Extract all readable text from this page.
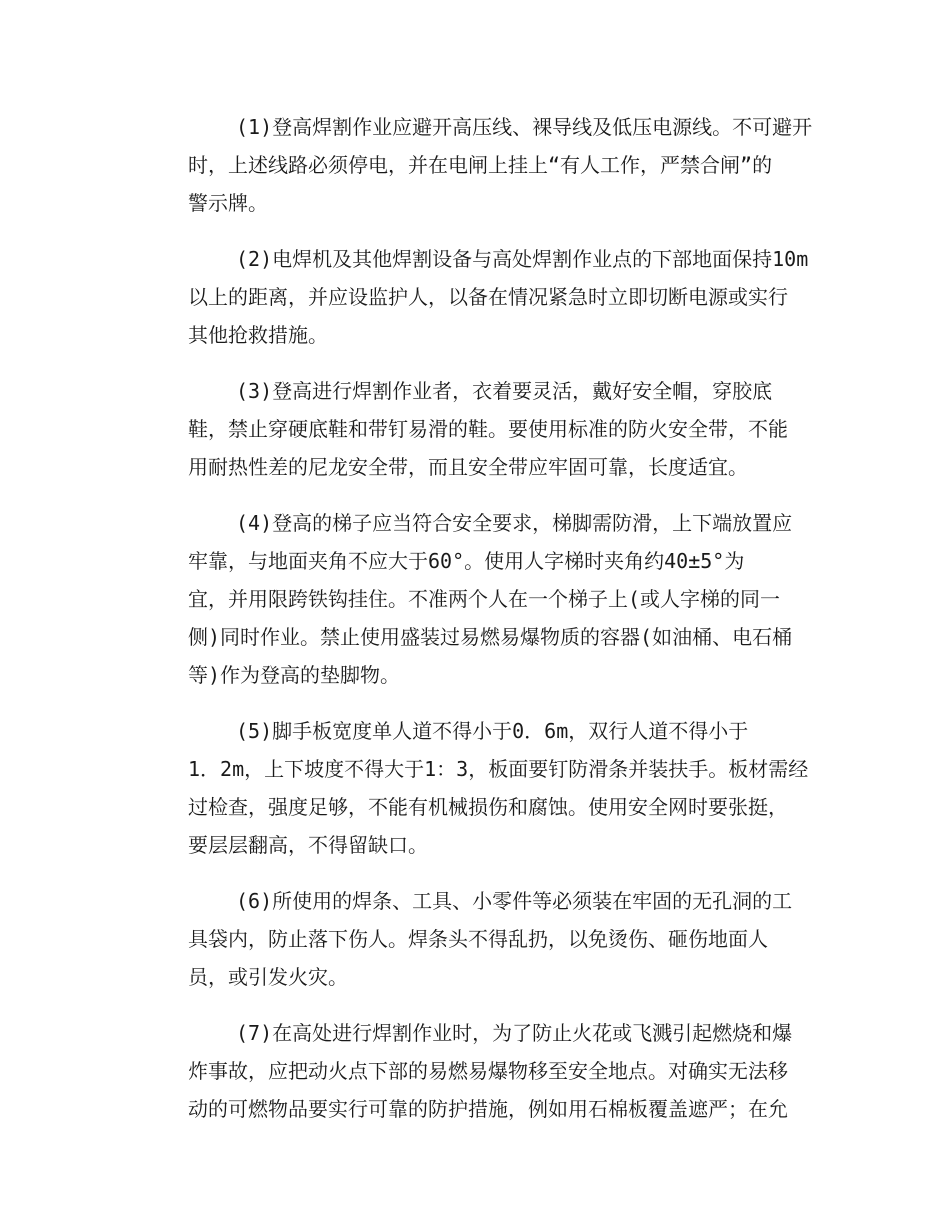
(1)登高焊割作业应避开高压线、裸导线及低压电源线。不可避开
时，上述线路必须停电，并在电闸上挂上“有人工作，严禁合闸”的
警示牌。
(2)电焊机及其他焊割设备与高处焊割作业点的下部地面保持10m
以上的距离，并应设监护人，以备在情况紧急时立即切断电源或实行
其他抢救措施。
(3)登高进行焊割作业者，衣着要灵活，戴好安全帽，穿胶底
鞋，禁止穿硬底鞋和带钉易滑的鞋。要使用标准的防火安全带，不能
用耐热性差的尼龙安全带，而且安全带应牢固可靠，长度适宜。
(4)登高的梯子应当符合安全要求，梯脚需防滑，上下端放置应
牢靠，与地面夹角不应大于60°。使用人字梯时夹角约40±5°为
宜，并用限跨铁钩挂住。不准两个人在一个梯子上(或人字梯的同一
侧)同时作业。禁止使用盛装过易燃易爆物质的容器(如油桶、电石桶
等)作为登高的垫脚物。
(5)脚手板宽度单人道不得小于0．6m，双行人道不得小于
1．2m，上下坡度不得大于1：3，板面要钉防滑条并装扶手。板材需经
过检查，强度足够，不能有机械损伤和腐蚀。使用安全网时要张挺，
要层层翻高，不得留缺口。
(6)所使用的焊条、工具、小零件等必须装在牢固的无孔洞的工
具袋内，防止落下伤人。焊条头不得乱扔，以免烫伤、砸伤地面人
员，或引发火灾。
(7)在高处进行焊割作业时，为了防止火花或飞溅引起燃烧和爆
炸事故，应把动火点下部的易燃易爆物移至安全地点。对确实无法移
动的可燃物品要实行可靠的防护措施，例如用石棉板覆盖遮严；在允
